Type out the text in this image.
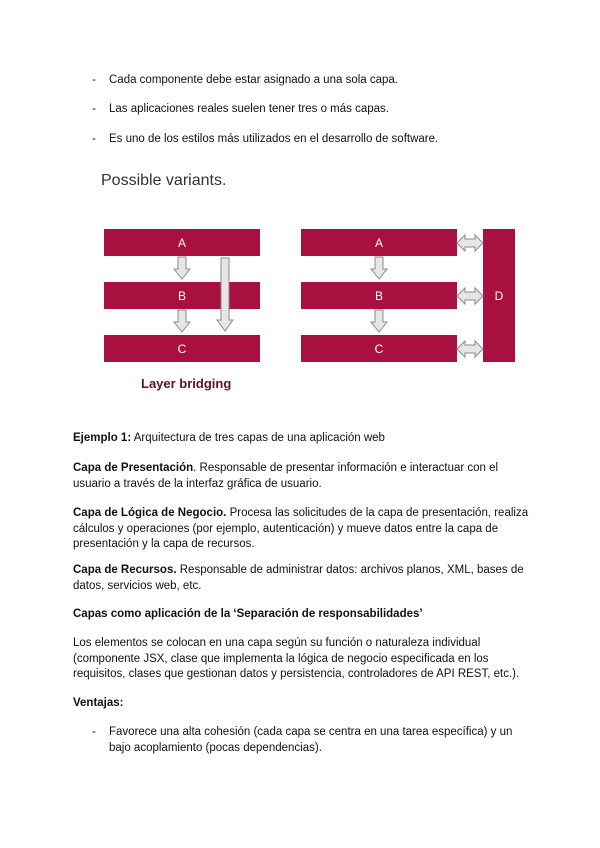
- Cada componente debe estar asignado a una sola capa.
- Las aplicaciones reales suelen tener tres o más capas.
- Es uno de los estilos más utilizados en el desarrollo de software.
Possible variants.
A
B
C
Layer bridging
A
B
C
D
Ejemplo 1: Arquitectura de tres capas de una aplicación web
Capa de Presentación. Responsable de presentar información e interactuar con el usuario a través de la interfaz gráfica de usuario.
Capa de Lógica de Negocio. Procesa las solicitudes de la capa de presentación, realiza cálculos y operaciones (por ejemplo, autenticación) y mueve datos entre la capa de presentación y la capa de recursos.
Capa de Recursos. Responsable de administrar datos: archivos planos, XML, bases de datos, servicios web, etc.
Capas como aplicación de la ‘Separación de responsabilidades’
Los elementos se colocan en una capa según su función o naturaleza individual (componente JSX, clase que implementa la lógica de negocio especificada en los requisitos, clases que gestionan datos y persistencia, controladores de API REST, etc.).
Ventajas:
- Favorece una alta cohesión (cada capa se centra en una tarea específica) y un bajo acoplamiento (pocas dependencias).
